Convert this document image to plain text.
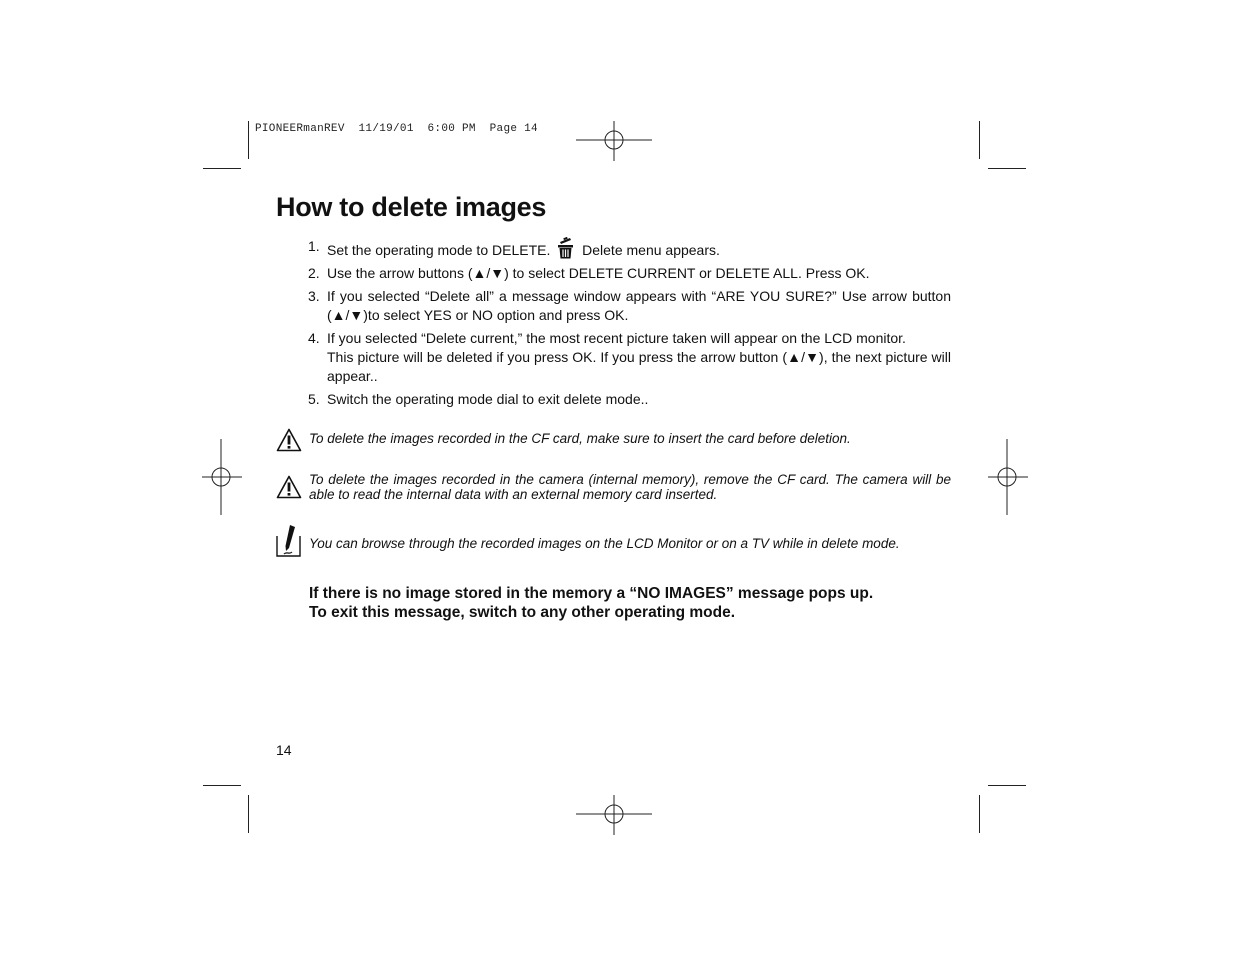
PIONEERmanREV  11/19/01  6:00 PM  Page 14
How to delete images
1. Set the operating mode to DELETE. Delete menu appears.
2. Use the arrow buttons (▲/▼) to select DELETE CURRENT or DELETE ALL. Press OK.
3. If you selected “Delete all” a message window appears with “ARE YOU SURE?” Use arrow button (▲/▼)to select YES or NO option and press OK.
4. If you selected “Delete current,” the most recent picture taken will appear on the LCD monitor.
This picture will be deleted if you press OK. If you press the arrow button (▲/▼), the next picture will appear..
5. Switch the operating mode dial to exit delete mode..
To delete the images recorded in the CF card, make sure to insert the card before deletion.
To delete the images recorded in the camera (internal memory), remove the CF card. The camera will be able to read the internal data with an external memory card inserted.
You can browse through the recorded images on the LCD Monitor or on a TV while in delete mode.
If there is no image stored in the memory a “NO IMAGES” message pops up.
To exit this message, switch to any other operating mode.
14
